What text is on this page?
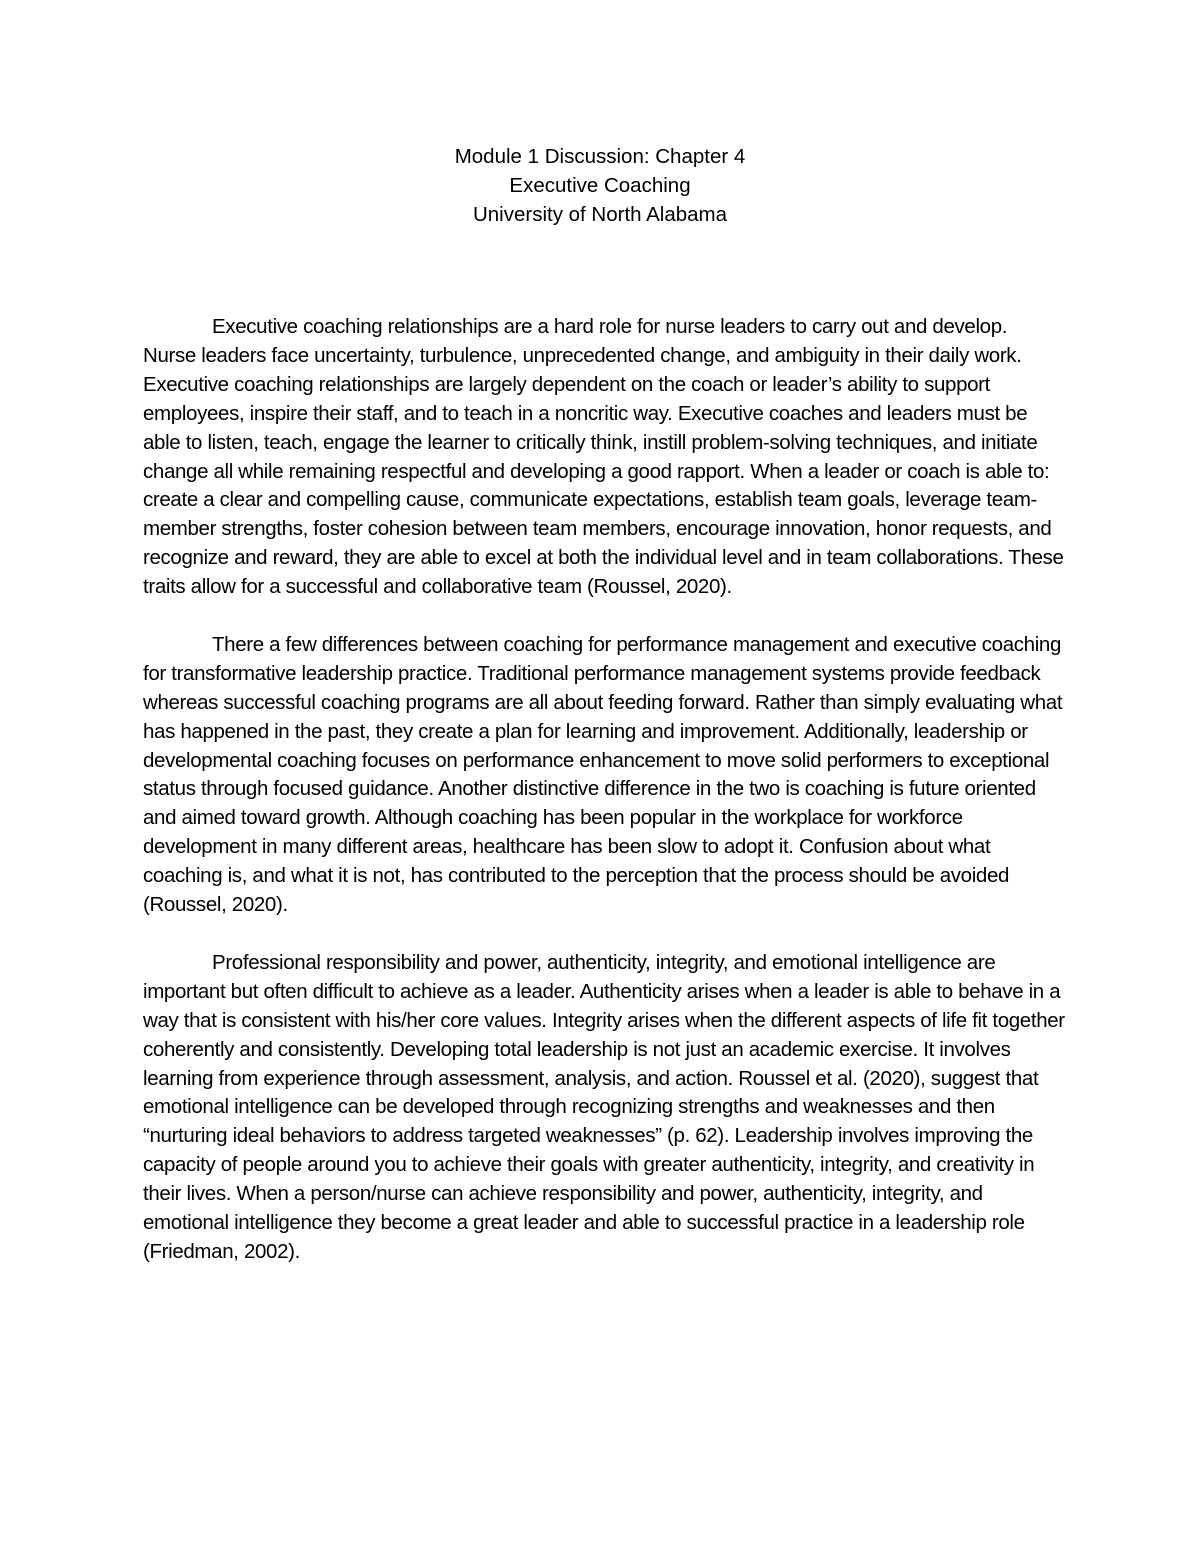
Module 1 Discussion: Chapter 4
Executive Coaching
University of North Alabama

Executive coaching relationships are a hard role for nurse leaders to carry out and develop. Nurse leaders face uncertainty, turbulence, unprecedented change, and ambiguity in their daily work. Executive coaching relationships are largely dependent on the coach or leader’s ability to support employees, inspire their staff, and to teach in a noncritic way. Executive coaches and leaders must be able to listen, teach, engage the learner to critically think, instill problem-solving techniques, and initiate change all while remaining respectful and developing a good rapport. When a leader or coach is able to: create a clear and compelling cause, communicate expectations, establish team goals, leverage team-member strengths, foster cohesion between team members, encourage innovation, honor requests, and recognize and reward, they are able to excel at both the individual level and in team collaborations. These traits allow for a successful and collaborative team (Roussel, 2020).

There a few differences between coaching for performance management and executive coaching for transformative leadership practice. Traditional performance management systems provide feedback whereas successful coaching programs are all about feeding forward. Rather than simply evaluating what has happened in the past, they create a plan for learning and improvement. Additionally, leadership or developmental coaching focuses on performance enhancement to move solid performers to exceptional status through focused guidance. Another distinctive difference in the two is coaching is future oriented and aimed toward growth. Although coaching has been popular in the workplace for workforce development in many different areas, healthcare has been slow to adopt it. Confusion about what coaching is, and what it is not, has contributed to the perception that the process should be avoided (Roussel, 2020).

Professional responsibility and power, authenticity, integrity, and emotional intelligence are important but often difficult to achieve as a leader. Authenticity arises when a leader is able to behave in a way that is consistent with his/her core values. Integrity arises when the different aspects of life fit together coherently and consistently. Developing total leadership is not just an academic exercise. It involves learning from experience through assessment, analysis, and action. Roussel et al. (2020), suggest that emotional intelligence can be developed through recognizing strengths and weaknesses and then “nurturing ideal behaviors to address targeted weaknesses” (p. 62). Leadership involves improving the capacity of people around you to achieve their goals with greater authenticity, integrity, and creativity in their lives. When a person/nurse can achieve responsibility and power, authenticity, integrity, and emotional intelligence they become a great leader and able to successful practice in a leadership role (Friedman, 2002).
